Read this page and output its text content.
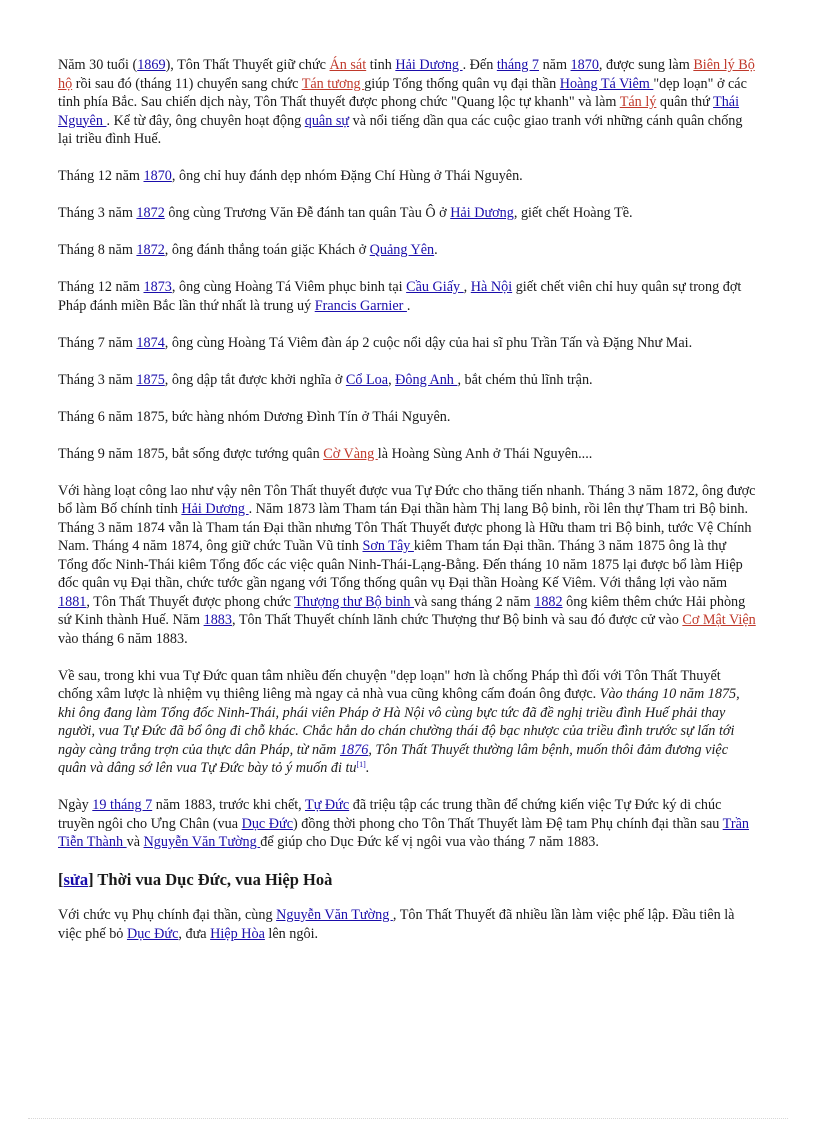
Năm 30 tuổi (1869), Tôn Thất Thuyết giữ chức Án sát tỉnh Hải Dương . Đến tháng 7 năm 1870, được sung làm Biên lý Bộ hộ rồi sau đó (tháng 11) chuyển sang chức Tán tương giúp Tổng thống quân vụ đại thần Hoàng Tá Viêm "dẹp loạn" ở các tỉnh phía Bắc. Sau chiến dịch này, Tôn Thất thuyết được phong chức "Quang lộc tự khanh" và làm Tán lý quân thứ Thái Nguyên . Kể từ đây, ông chuyên hoạt động quân sự và nổi tiếng dần qua các cuộc giao tranh với những cánh quân chống lại triều đình Huế.

Tháng 12 năm 1870, ông chỉ huy đánh dẹp nhóm Đặng Chí Hùng ở Thái Nguyên.

Tháng 3 năm 1872 ông cùng Trương Văn Đễ đánh tan quân Tàu Ô ở Hải Dương, giết chết Hoàng Tề.

Tháng 8 năm 1872, ông đánh thắng toán giặc Khách ở Quảng Yên.

Tháng 12 năm 1873, ông cùng Hoàng Tá Viêm phục binh tại Cầu Giấy , Hà Nội giết chết viên chỉ huy quân sự trong đợt Pháp đánh miền Bắc lần thứ nhất là trung uý Francis Garnier .

Tháng 7 năm 1874, ông cùng Hoàng Tá Viêm đàn áp 2 cuộc nổi dậy của hai sĩ phu Trần Tấn và Đặng Như Mai.

Tháng 3 năm 1875, ông dập tắt được khởi nghĩa ở Cổ Loa, Đông Anh , bắt chém thủ lĩnh trận.

Tháng 6 năm 1875, bức hàng nhóm Dương Đình Tín ở Thái Nguyên.

Tháng 9 năm 1875, bắt sống được tướng quân Cờ Vàng là Hoàng Sùng Anh ở Thái Nguyên....

Với hàng loạt công lao như vậy nên Tôn Thất thuyết được vua Tự Đức cho thăng tiến nhanh. Tháng 3 năm 1872, ông được bổ làm Bố chính tỉnh Hải Dương . Năm 1873 làm Tham tán Đại thần hàm Thị lang Bộ binh, rồi lên thự Tham tri Bộ binh. Tháng 3 năm 1874 vẫn là Tham tán Đại thần nhưng Tôn Thất Thuyết được phong là Hữu tham tri Bộ binh, tước Vệ Chính Nam. Tháng 4 năm 1874, ông giữ chức Tuần Vũ tỉnh Sơn Tây kiêm Tham tán Đại thần. Tháng 3 năm 1875 ông là thự Tổng đốc Ninh-Thái kiêm Tổng đốc các việc quân Ninh-Thái-Lạng-Bằng. Đến tháng 10 năm 1875 lại được bổ làm Hiệp đốc quân vụ Đại thần, chức tước gần ngang với Tổng thống quân vụ Đại thần Hoàng Kế Viêm. Với thắng lợi vào năm 1881, Tôn Thất Thuyết được phong chức Thượng thư Bộ binh và sang tháng 2 năm 1882 ông kiêm thêm chức Hải phòng sứ Kinh thành Huế. Năm 1883, Tôn Thất Thuyết chính lãnh chức Thượng thư Bộ binh và sau đó được cử vào Cơ Mật Viện vào tháng 6 năm 1883.

Về sau, trong khi vua Tự Đức quan tâm nhiều đến chuyện "dẹp loạn" hơn là chống Pháp thì đối với Tôn Thất Thuyết chống xâm lược là nhiệm vụ thiêng liêng mà ngay cả nhà vua cũng không cấm đoán ông được. Vào tháng 10 năm 1875, khi ông đang làm Tổng đốc Ninh-Thái, phái viên Pháp ở Hà Nội vô cùng bực tức đã đề nghị triều đình Huế phải thay người, vua Tự Đức đã bổ ông đi chỗ khác. Chắc hẳn do chán chường thái độ bạc nhược của triều đình trước sự lấn tới ngày càng trắng trợn của thực dân Pháp, từ năm 1876, Tôn Thất Thuyết thường lâm bệnh, muốn thôi đảm đương việc quân và dâng sớ lên vua Tự Đức bày tỏ ý muốn đi tu[1].

Ngày 19 tháng 7 năm 1883, trước khi chết, Tự Đức đã triệu tập các trung thần để chứng kiến việc Tự Đức ký di chúc truyền ngôi cho Ưng Chân (vua Dục Đức) đồng thời phong cho Tôn Thất Thuyết làm Đệ tam Phụ chính đại thần sau Trần Tiễn Thành và Nguyễn Văn Tường để giúp cho Dục Đức kế vị ngôi vua vào tháng 7 năm 1883.

[sửa] Thời vua Dục Đức, vua Hiệp Hoà

Với chức vụ Phụ chính đại thần, cùng Nguyễn Văn Tường , Tôn Thất Thuyết đã nhiều lần làm việc phế lập. Đầu tiên là việc phế bỏ Dục Đức, đưa Hiệp Hòa lên ngôi.
